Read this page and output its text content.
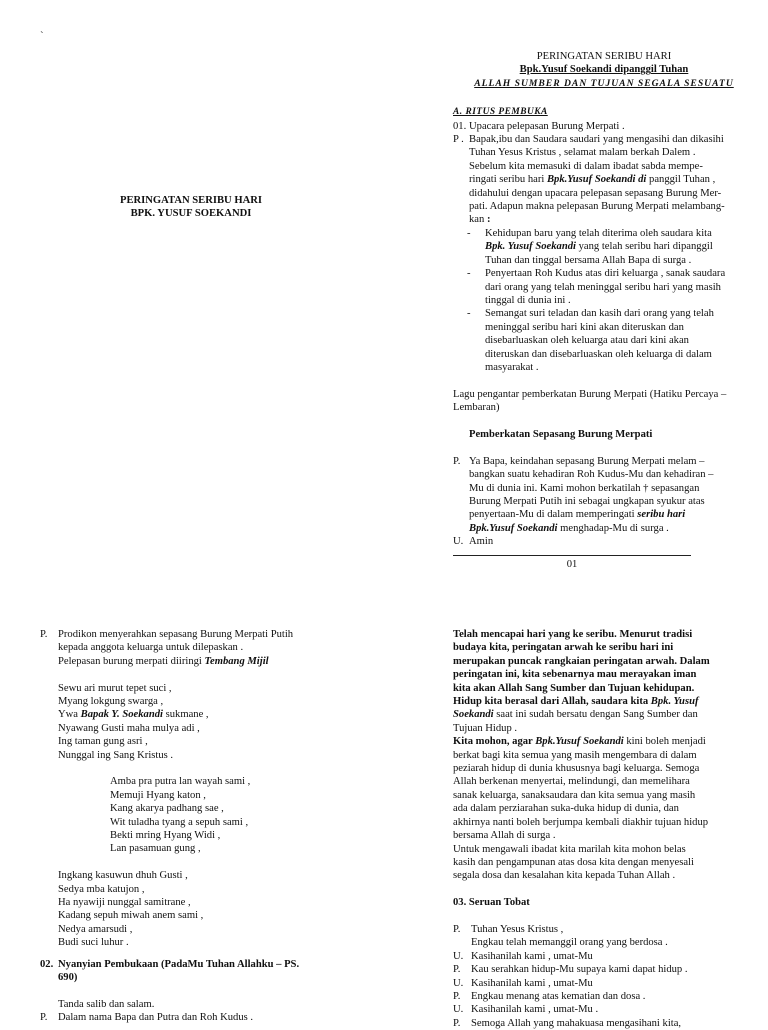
`
PERINGATAN SERIBU HARI
BPK. YUSUF SOEKANDI
PERINGATAN SERIBU HARI
Bpk.Yusuf Soekandi dipanggil Tuhan
ALLAH SUMBER DAN TUJUAN SEGALA SESUATU
A. RITUS PEMBUKA
01. Upacara pelepasan Burung Merpati .
P . Bapak,ibu dan Saudara saudari yang mengasihi dan dikasihi

Tuhan Yesus Kristus , selamat malam berkah Dalem .

Sebelum kita memasuki di dalam ibadat sabda mempe-

ringati seribu hari Bpk.Yusuf Soekandi di panggil Tuhan ,

didahului dengan upacara pelepasan sepasang Burung Mer-

pati. Adapun makna pelepasan Burung Merpati melambang-

kan :

-	Kehidupan baru yang telah diterima oleh saudara kita

Bpk. Yusuf Soekandi yang telah seribu hari dipanggil

Tuhan dan tinggal bersama Allah Bapa di surga .

-	Penyertaan Roh Kudus atas diri keluarga , sanak saudara

dari orang yang telah meninggal seribu hari yang masih

tinggal di dunia ini .

-	Semangat suri teladan dan kasih dari orang yang telah

meninggal seribu hari kini akan diteruskan dan

disebarluaskan oleh keluarga atau dari kini akan

diteruskan dan disebarluaskan oleh keluarga di dalam

masyarakat .

Lagu pengantar pemberkatan Burung Merpati (Hatiku Percaya –

Lembaran)

Pemberkatan Sepasang Burung Merpati

P. Ya Bapa, keindahan sepasang Burung Merpati melam –

bangkan suatu kehadiran Roh Kudus-Mu dan kehadiran –

Mu di dunia ini. Kami mohon berkatilah † sepasangan

Burung Merpati Putih ini sebagai ungkapan syukur atas

penyertaan-Mu di dalam memperingati seribu hari

Bpk.Yusuf Soekandi menghadap-Mu di surga .

U. Amin
01
P.	Prodikon menyerahkan sepasang Burung Merpati Putih

kepada anggota keluarga untuk dilepaskan .

Pelepasan burung merpati diiringi Tembang Mijil

Sewu ari murut tepet suci ,

Myang lokgung swarga ,

Ywa Bapak Y. Soekandi sukmane ,

Nyawang Gusti maha mulya adi ,

Ing taman gung asri ,

Nunggal ing Sang Kristus .

Amba pra putra lan wayah sami ,

Memuji Hyang katon ,

Kang akarya padhang sae ,

Wit tuladha tyang a sepuh sami ,

Bekti mring Hyang Widi ,

Lan pasamuan gung ,

Ingkang kasuwun dhuh Gusti ,

Sedya mba katujon ,

Ha nyawiji nunggal samitrane ,

Kadang sepuh miwah anem sami ,

Nedya amarsudi ,

Budi suci luhur .

02. Nyanyian Pembukaan (PadaMu Tuhan Allahku – PS.

690)

Tanda salib dan salam.

P.	Dalam nama Bapa dan Putra dan Roh Kudus .

Telah mencapai hari yang ke seribu. Menurut tradisi

budaya kita, peringatan arwah ke seribu hari ini

merupakan puncak rangkaian peringatan arwah. Dalam

peringatan ini, kita sebenarnya mau merayakan iman

kita akan Allah Sang Sumber dan Tujuan kehidupan.

Hidup kita berasal dari Allah, saudara kita Bpk. Yusuf

Soekandi saat ini sudah bersatu dengan Sang Sumber dan

Tujuan Hidup .

Kita mohon, agar Bpk.Yusuf Soekandi kini boleh menjadi

berkat bagi kita semua yang masih mengembara di dalam

peziarah hidup di dunia khususnya bagi keluarga. Semoga

Allah berkenan menyertai, melindungi, dan memelihara

sanak keluarga, sanaksaudara dan kita semua yang masih

ada dalam perziarahan suka-duka hidup di dunia, dan

akhirnya nanti boleh berjumpa kembali diakhir tujuan hidup

bersama Allah di surga .

Untuk mengawali ibadat kita marilah kita mohon belas

kasih dan pengampunan atas dosa kita dengan menyesali

segala dosa dan kesalahan kita kepada Tuhan Allah .

03. Seruan Tobat

P.	Tuhan Yesus Kristus ,
Engkau telah memanggil orang yang berdosa .
U. Kasihanilah kami , umat-Mu
P.	Kau serahkan hidup-Mu supaya kami dapat hidup .
U. Kasihanilah kami , umat-Mu
P.	Engkau menang atas kematian dan dosa .
U. Kasihanilah kami , umat-Mu .
P.	Semoga Allah yang mahakuasa mengasihani kita,
